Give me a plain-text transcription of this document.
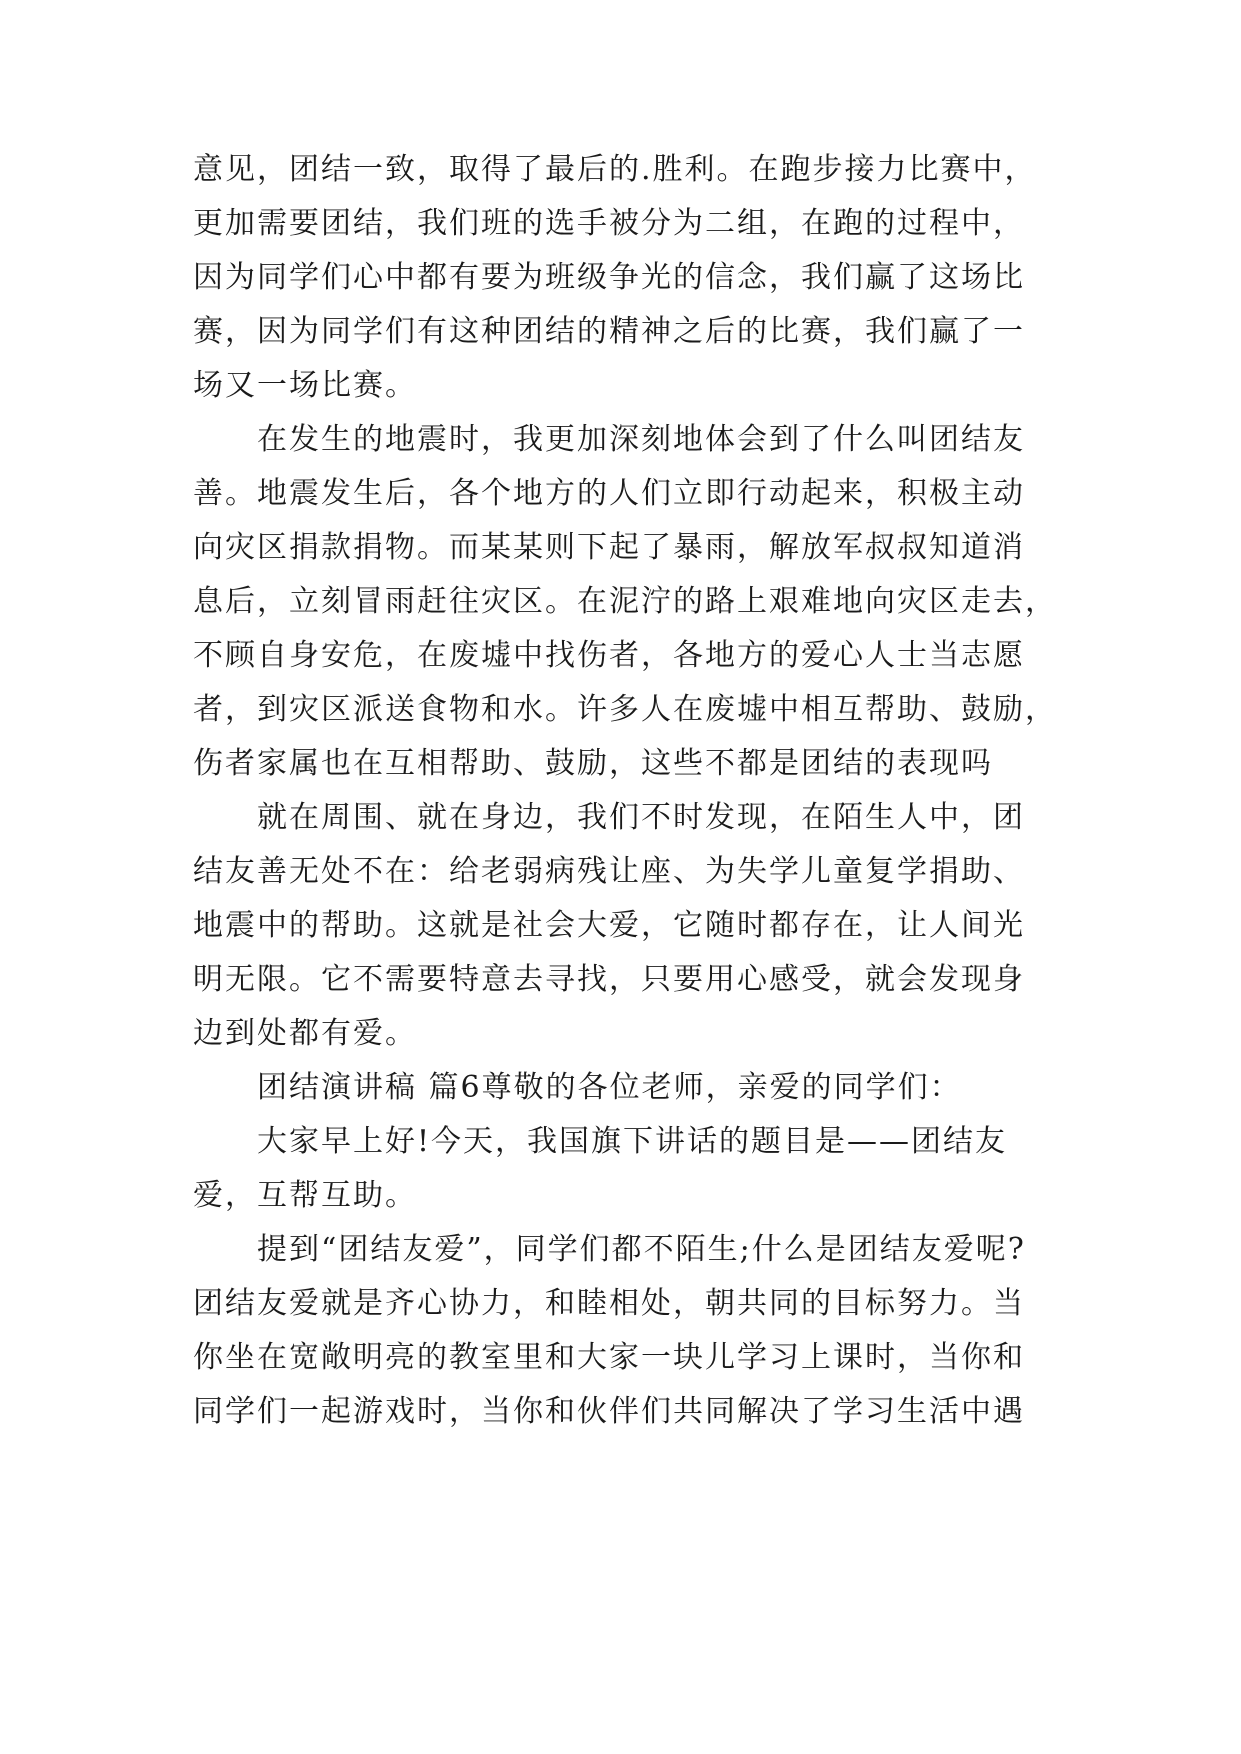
意见，团结一致，取得了最后的.胜利。在跑步接力比赛中，
更加需要团结，我们班的选手被分为二组，在跑的过程中，
因为同学们心中都有要为班级争光的信念，我们赢了这场比
赛，因为同学们有这种团结的精神之后的比赛，我们赢了一
场又一场比赛。
在发生的地震时，我更加深刻地体会到了什么叫团结友
善。地震发生后，各个地方的人们立即行动起来，积极主动
向灾区捐款捐物。而某某则下起了暴雨，解放军叔叔知道消
息后，立刻冒雨赶往灾区。在泥泞的路上艰难地向灾区走去，
不顾自身安危，在废墟中找伤者，各地方的爱心人士当志愿
者，到灾区派送食物和水。许多人在废墟中相互帮助、鼓励，
伤者家属也在互相帮助、鼓励，这些不都是团结的表现吗
就在周围、就在身边，我们不时发现，在陌生人中，团
结友善无处不在：给老弱病残让座、为失学儿童复学捐助、
地震中的帮助。这就是社会大爱，它随时都存在，让人间光
明无限。它不需要特意去寻找，只要用心感受，就会发现身
边到处都有爱。
团结演讲稿 篇6尊敬的各位老师，亲爱的同学们：
大家早上好!今天，我国旗下讲话的题目是——团结友
爱，互帮互助。
提到“团结友爱”，同学们都不陌生;什么是团结友爱呢?
团结友爱就是齐心协力，和睦相处，朝共同的目标努力。当
你坐在宽敞明亮的教室里和大家一块儿学习上课时，当你和
同学们一起游戏时，当你和伙伴们共同解决了学习生活中遇
